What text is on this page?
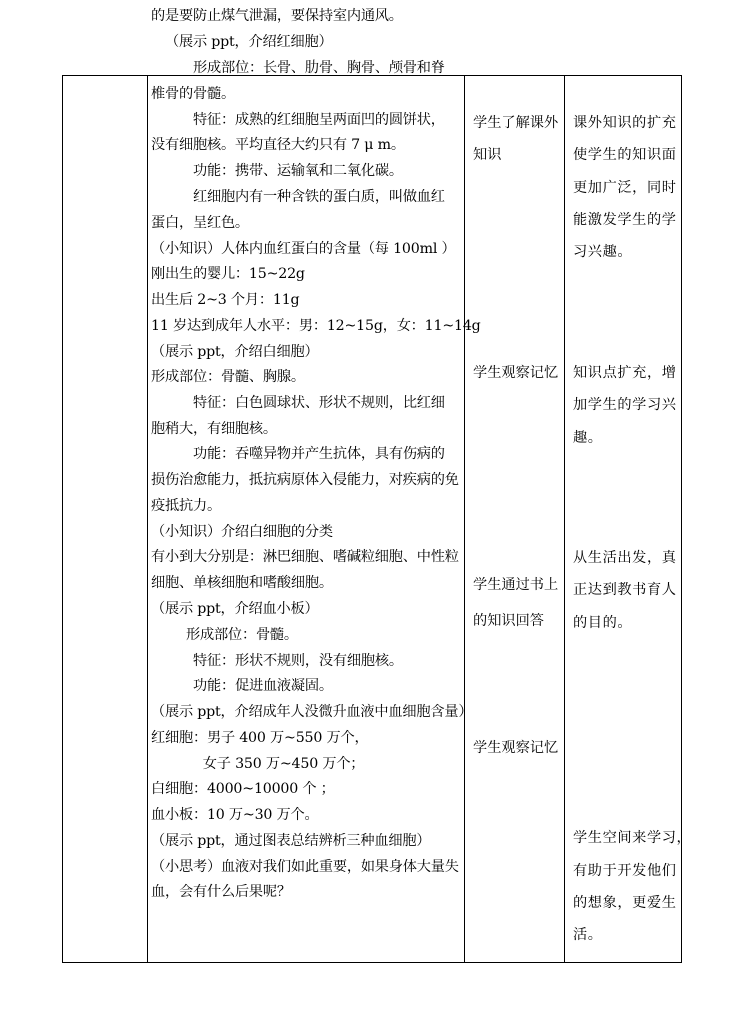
的是要防止煤气泄漏，要保持室内通风。
（展示 ppt，介绍红细胞）
形成部位：长骨、肋骨、胸骨、颅骨和脊
椎骨的骨髓。
特征：成熟的红细胞呈两面凹的圆饼状，
没有细胞核。平均直径大约只有 7 μ m。
功能：携带、运输氧和二氧化碳。
红细胞内有一种含铁的蛋白质，叫做血红
蛋白，呈红色。
（小知识）人体内血红蛋白的含量（每 100ml ）
刚出生的婴儿：15~22g
出生后 2~3 个月：11g
11 岁达到成年人水平：男：12~15g，女：11~14g
（展示 ppt，介绍白细胞）
形成部位：骨髓、胸腺。
特征：白色圆球状、形状不规则，比红细
胞稍大，有细胞核。
功能：吞噬异物并产生抗体，具有伤病的
损伤治愈能力，抵抗病原体入侵能力，对疾病的免
疫抵抗力。
（小知识）介绍白细胞的分类
有小到大分别是：淋巴细胞、嗜碱粒细胞、中性粒
细胞、单核细胞和嗜酸细胞。
（展示 ppt，介绍血小板）
形成部位：骨髓。
特征：形状不规则，没有细胞核。
功能：促进血液凝固。
（展示 ppt，介绍成年人没微升血液中血细胞含量）
红细胞：男子 400 万~550 万个，
女子 350 万~450 万个；
白细胞：4000~10000 个 ；
血小板：10 万~30 万个。
（展示 ppt，通过图表总结辨析三种血细胞）
（小思考）血液对我们如此重要，如果身体大量失
血，会有什么后果呢？
学生了解课外
知识
学生观察记忆
学生通过书上
的知识回答
学生观察记忆
课外知识的扩充
使学生的知识面
更加广泛，同时
能激发学生的学
习兴趣。
知识点扩充，增
加学生的学习兴
趣。
从生活出发，真
正达到教书育人
的目的。
学生空间来学习，
有助于开发他们
的想象，更爱生
活。
